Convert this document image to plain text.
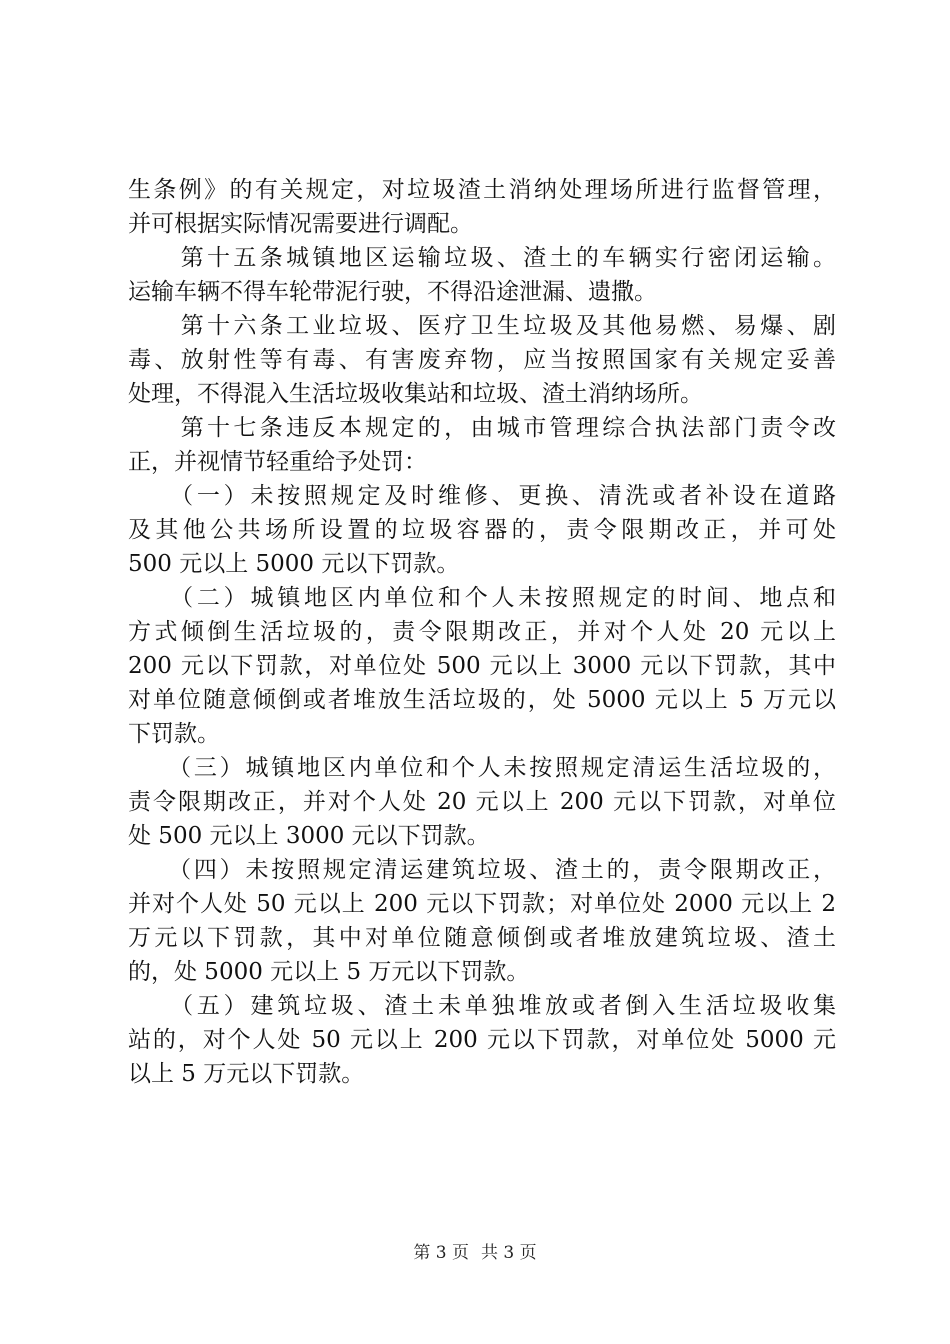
生条例》的有关规定，对垃圾渣土消纳处理场所进行监督管理，
并可根据实际情况需要进行调配。
　　第十五条城镇地区运输垃圾、渣土的车辆实行密闭运输。
运输车辆不得车轮带泥行驶，不得沿途泄漏、遗撒。
　　第十六条工业垃圾、医疗卫生垃圾及其他易燃、易爆、剧
毒、放射性等有毒、有害废弃物，应当按照国家有关规定妥善
处理，不得混入生活垃圾收集站和垃圾、渣土消纳场所。
　　第十七条违反本规定的，由城市管理综合执法部门责令改
正，并视情节轻重给予处罚：
　　（一）未按照规定及时维修、更换、清洗或者补设在道路
及其他公共场所设置的垃圾容器的，责令限期改正，并可处
500 元以上 5000 元以下罚款。
　　（二）城镇地区内单位和个人未按照规定的时间、地点和
方式倾倒生活垃圾的，责令限期改正，并对个人处 20 元以上
200 元以下罚款，对单位处 500 元以上 3000 元以下罚款，其中
对单位随意倾倒或者堆放生活垃圾的，处 5000 元以上 5 万元以
下罚款。
　　（三）城镇地区内单位和个人未按照规定清运生活垃圾的，
责令限期改正，并对个人处 20 元以上 200 元以下罚款，对单位
处 500 元以上 3000 元以下罚款。
　　（四）未按照规定清运建筑垃圾、渣土的，责令限期改正，
并对个人处 50 元以上 200 元以下罚款；对单位处 2000 元以上 2
万元以下罚款，其中对单位随意倾倒或者堆放建筑垃圾、渣土
的，处 5000 元以上 5 万元以下罚款。
　　（五）建筑垃圾、渣土未单独堆放或者倒入生活垃圾收集
站的，对个人处 50 元以上 200 元以下罚款，对单位处 5000 元
以上 5 万元以下罚款。
第 3 页 共 3 页
